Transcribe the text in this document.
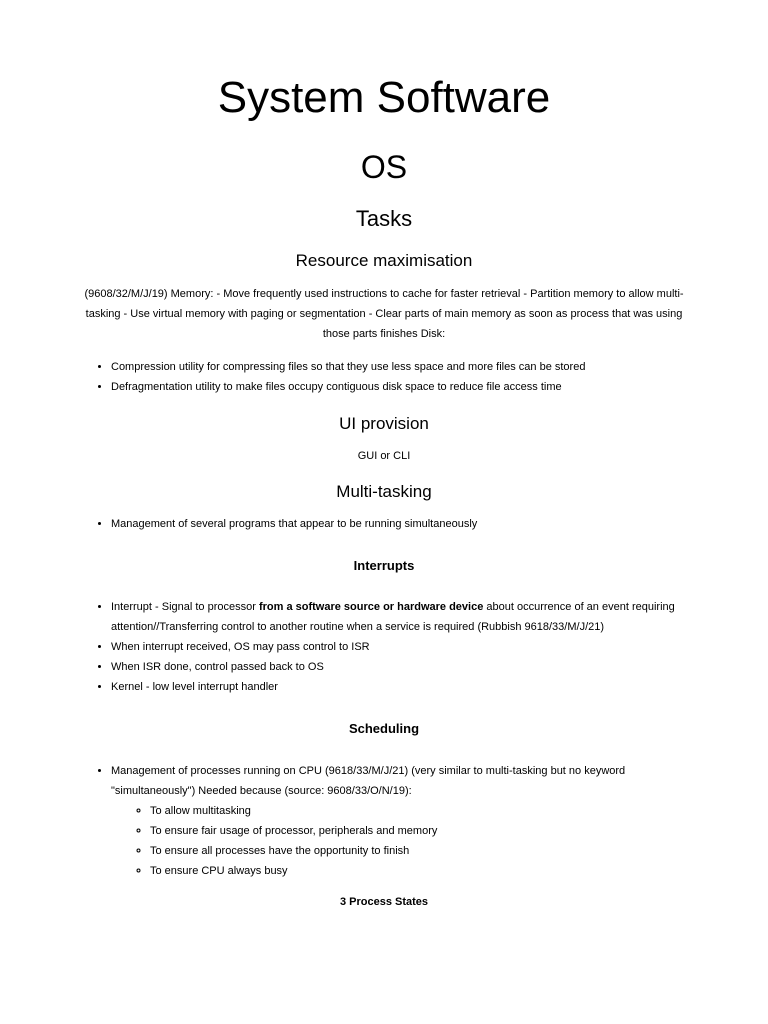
System Software
OS
Tasks
Resource maximisation

(9608/32/M/J/19) Memory: - Move frequently used instructions to cache for faster retrieval - Partition memory to allow multi-tasking - Use virtual memory with paging or segmentation - Clear parts of main memory as soon as process that was using those parts finishes Disk:

• Compression utility for compressing files so that they use less space and more files can be stored
• Defragmentation utility to make files occupy contiguous disk space to reduce file access time
UI provision

GUI or CLI

Multi-tasking
• Management of several programs that appear to be running simultaneously
Interrupts
• Interrupt - Signal to processor from a software source or hardware device about occurrence of an event requiring attention//Transferring control to another routine when a service is required (Rubbish 9618/33/M/J/21)
• When interrupt received, OS may pass control to ISR
• When ISR done, control passed back to OS
• Kernel - low level interrupt handler
Scheduling
• Management of processes running on CPU (9618/33/M/J/21) (very similar to multi-tasking but no keyword "simultaneously") Needed because (source: 9608/33/O/N/19):
◦ To allow multitasking
◦ To ensure fair usage of processor, peripherals and memory
◦ To ensure all processes have the opportunity to finish
◦ To ensure CPU always busy
3 Process States
